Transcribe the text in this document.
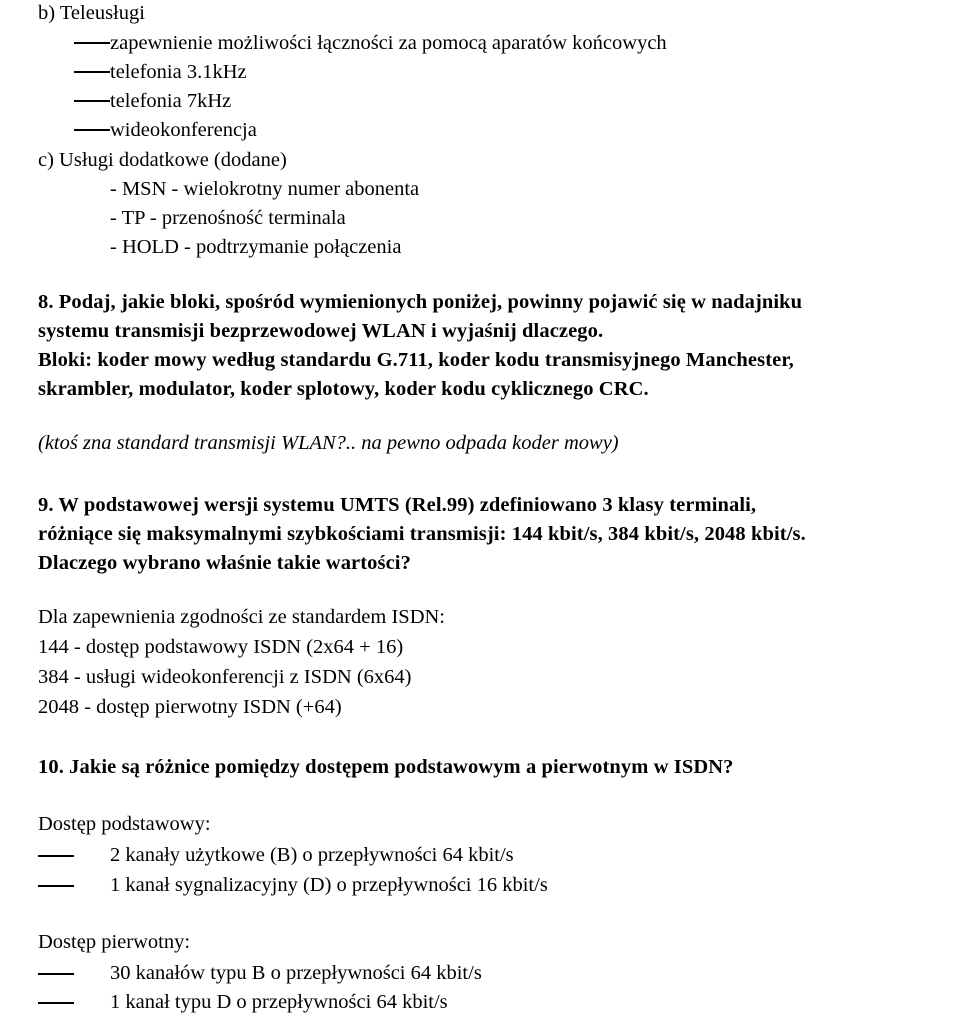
b) Teleusługi
zapewnienie możliwości łączności za pomocą aparatów końcowych
telefonia 3.1kHz
telefonia 7kHz
wideokonferencja
c) Usługi dodatkowe (dodane)
- MSN - wielokrotny numer abonenta
- TP - przenośność terminala
- HOLD - podtrzymanie połączenia
8. Podaj, jakie bloki, spośród wymienionych poniżej, powinny pojawić się w nadajniku
systemu transmisji bezprzewodowej WLAN i wyjaśnij dlaczego.
Bloki: koder mowy według standardu G.711, koder kodu transmisyjnego Manchester,
skrambler, modulator, koder splotowy, koder kodu cyklicznego CRC.
(ktoś zna standard transmisji WLAN?.. na pewno odpada koder mowy)
9. W podstawowej wersji systemu UMTS (Rel.99) zdefiniowano 3 klasy terminali,
różniące się maksymalnymi szybkościami transmisji: 144 kbit/s, 384 kbit/s, 2048 kbit/s.
Dlaczego wybrano właśnie takie wartości?
Dla zapewnienia zgodności ze standardem ISDN:
144 - dostęp podstawowy ISDN (2x64 + 16)
384 - usługi wideokonferencji z ISDN (6x64)
2048 - dostęp pierwotny ISDN (+64)
10. Jakie są różnice pomiędzy dostępem podstawowym a pierwotnym w ISDN?
Dostęp podstawowy:
2 kanały użytkowe (B) o przepływności 64 kbit/s
1 kanał sygnalizacyjny (D) o przepływności 16 kbit/s
Dostęp pierwotny:
30 kanałów typu B o przepływności 64 kbit/s
1 kanał typu D o przepływności 64 kbit/s
